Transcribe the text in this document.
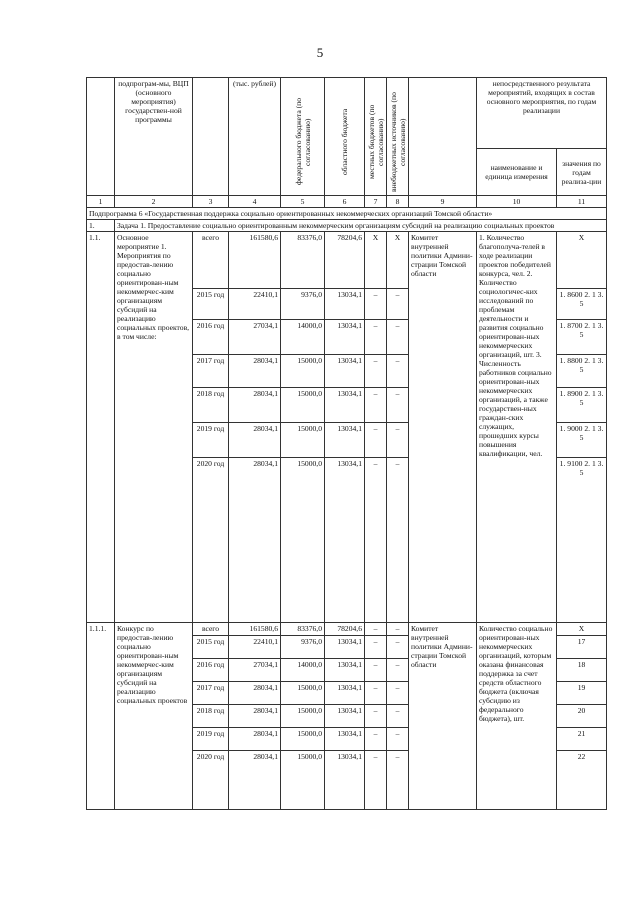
5
	подпрограм-мы, ВЦП (основного мероприятия) государствен-ной программы		(тыс. рублей)	федерального бюджета (по согласованию)	областного бюджета	местных бюджетов (по согласованию)	внебюджетных источников (по согласованию)		непосредственного результата мероприятий, входящих в состав основного мероприятия, по годам реализации	
									наименование и единица измерения	значения по годам реализа-ции
1	2	3	4	5	6	7	8	9	10	11
Подпрограмма 6 «Государственная поддержка социально ориентированных некоммерческих организаций Томской области»										
1.	Задача 1. Предоставление социально ориентированным некоммерческим организациям субсидий на реализацию социальных проектов									
1.1.	Основное мероприятие 1. Мероприятия по предостав-лению социально ориентирован-ным некоммерчес-ким организациям субсидий на реализацию социальных проектов, в том числе:	всего	161580,6	83376,0	78204,6	Х	Х	Комитет внутренней политики Админи-страции Томской области	1. Количество благополуча-телей в ходе реализации проектов победителей конкурса, чел. 2. Количество социологичес-ких исследований по проблемам деятельности и развития социально ориентирован-ных некоммерческих организаций, шт. 3. Численность работников социально ориентирован-ных некоммерческих организаций, а также государствен-ных граждан-ских служащих, прошедших курсы повышения квалификации, чел.	Х
		2015 год	22410,1	9376,0	13034,1	–	–			1. 8600 2. 1 3. 5
		2016 год	27034,1	14000,0	13034,1	–	–			1. 8700 2. 1 3. 5
		2017 год	28034,1	15000,0	13034,1	–	–			1. 8800 2. 1 3. 5
		2018 год	28034,1	15000,0	13034,1	–	–			1. 8900 2. 1 3. 5
		2019 год	28034,1	15000,0	13034,1	–	–			1. 9000 2. 1 3. 5
		2020 год	28034,1	15000,0	13034,1	–	–			1. 9100 2. 1 3. 5
1.1.1.	Конкурс по предостав-лению социально ориентирован-ным некоммерчес-ким организациям субсидий на реализацию социальных проектов	всего	161580,6	83376,0	78204,6	–	–	Комитет внутренней политики Админи-страции Томской области	Количество социально ориентирован-ных некоммерческих организаций, которым оказана финансовая поддержка за счет средств областного бюджета (включая субсидию из федерального бюджета), шт.	Х
		2015 год	22410,1	9376,0	13034,1	–	–			17
		2016 год	27034,1	14000,0	13034,1	–	–			18
		2017 год	28034,1	15000,0	13034,1	–	–			19
		2018 год	28034,1	15000,0	13034,1	–	–			20
		2019 год	28034,1	15000,0	13034,1	–	–			21
		2020 год	28034,1	15000,0	13034,1	–	–			22
